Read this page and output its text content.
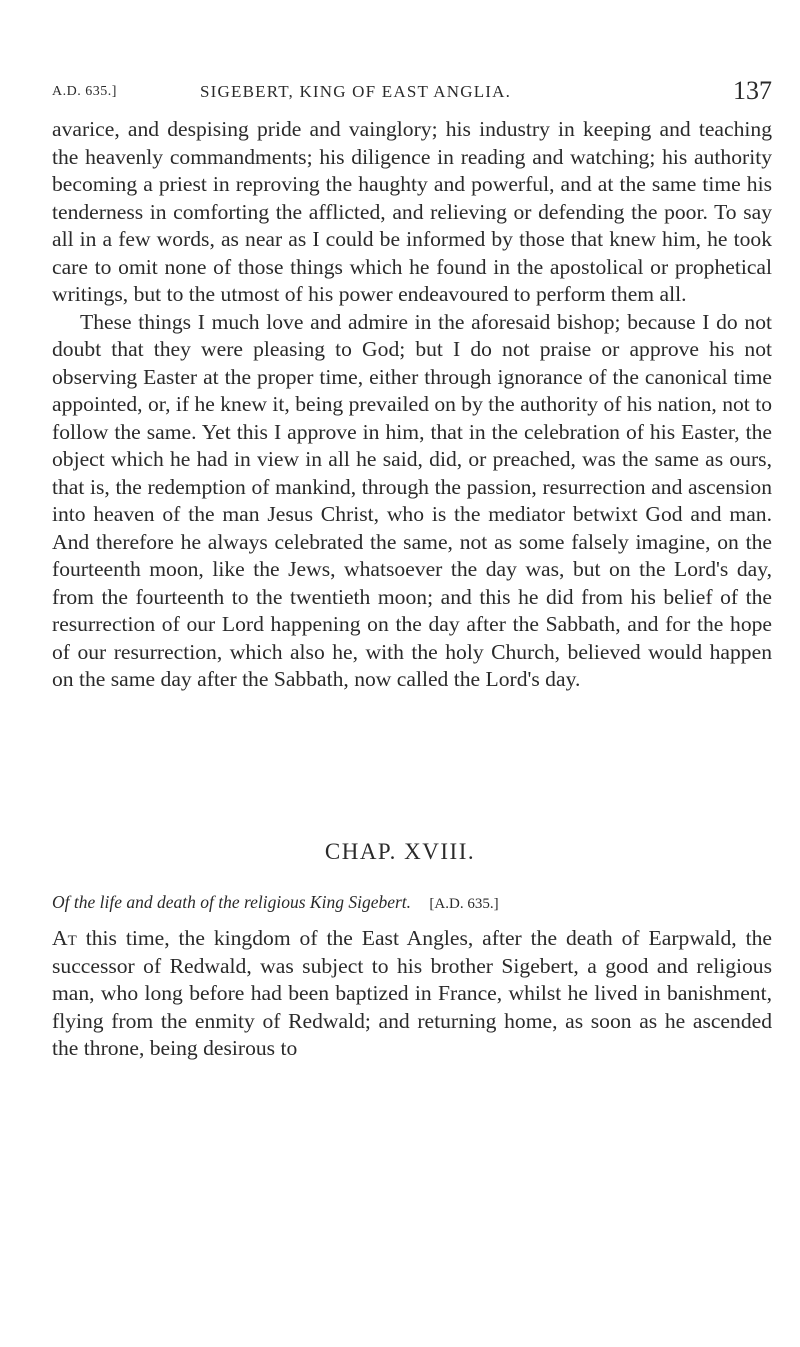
A.D. 635.]	SIGEBERT, KING OF EAST ANGLIA.	137

avarice, and despising pride and vainglory; his industry in keeping and teaching the heavenly commandments; his diligence in reading and watching; his authority becoming a priest in reproving the haughty and powerful, and at the same time his tenderness in comforting the afflicted, and relieving or defending the poor. To say all in a few words, as near as I could be informed by those that knew him, he took care to omit none of those things which he found in the apostolical or prophetical writings, but to the utmost of his power endeavoured to perform them all.

These things I much love and admire in the aforesaid bishop; because I do not doubt that they were pleasing to God; but I do not praise or approve his not observing Easter at the proper time, either through ignorance of the canonical time appointed, or, if he knew it, being prevailed on by the authority of his nation, not to follow the same. Yet this I approve in him, that in the celebration of his Easter, the object which he had in view in all he said, did, or preached, was the same as ours, that is, the redemption of mankind, through the passion, resurrection and ascension into heaven of the man Jesus Christ, who is the mediator betwixt God and man. And therefore he always celebrated the same, not as some falsely imagine, on the fourteenth moon, like the Jews, whatsoever the day was, but on the Lord's day, from the fourteenth to the twentieth moon; and this he did from his belief of the resurrection of our Lord happening on the day after the Sabbath, and for the hope of our resurrection, which also he, with the holy Church, believed would happen on the same day after the Sabbath, now called the Lord's day.

CHAP. XVIII.
Of the life and death of the religious King Sigebert. [A.D. 635.]

At this time, the kingdom of the East Angles, after the death of Earpwald, the successor of Redwald, was subject to his brother Sigebert, a good and religious man, who long before had been baptized in France, whilst he lived in banishment, flying from the enmity of Redwald; and returning home, as soon as he ascended the throne, being desirous to
